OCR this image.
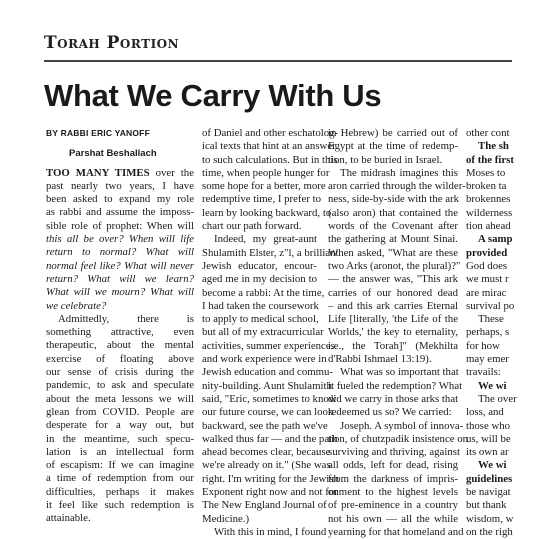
Torah Portion
What We Carry With Us

BY RABBI ERIC YANOFF

Parshat Beshallach

TOO MANY TIMES over the

past nearly two years, I have

been asked to expand my role

as rabbi and assume the imposs-

sible role of prophet: When will

this all be over? When will life

return to normal? What will

normal feel like? What will never

return? What will we learn?

What will we mourn? What will

we celebrate?

Admittedly, there is

something attractive, even

therapeutic, about the mental

exercise of floating above

our sense of crisis during the

pandemic, to ask and speculate

about the meta lessons we will

glean from COVID. People are

desperate for a way out, but

in the meantime, such specu-

lation is an intellectual form

of escapism: If we can imagine

a time of redemption from our

difficulties, perhaps it makes

it feel like such redemption is

attainable.

of Daniel and other eschatolog-

ical texts that hint at an answer

to such calculations. But in this

time, when people hunger for

some hope for a better, more

redemptive time, I prefer to

learn by looking backward, to

chart our path forward.

Indeed, my great-aunt

Shulamith Elster, z"l, a brilliant

Jewish educator, encour-

aged me in my decision to

become a rabbi: At the time,

I had taken the coursework

to apply to medical school,

but all of my extracurricular

activities, summer experiences

and work experience were in

Jewish education and commu-

nity-building. Aunt Shulamith

said, "Eric, sometimes to know

our future course, we can look

backward, see the path we've

walked thus far — and the path

ahead becomes clear, because

we're already on it." (She was

right. I'm writing for the Jewish

Exponent right now and not for

The New England Journal of

Medicine.)

With this in mind, I found

in Hebrew) be carried out of

Egypt at the time of redemp-

tion, to be buried in Israel.

The midrash imagines this

aron carried through the wilder-

ness, side-by-side with the ark

(also aron) that contained the

words of the Covenant after

the gathering at Mount Sinai.

When asked, "What are these

two Arks (aronot, the plural)?"

— the answer was, "This ark

carries of our honored dead

– and this ark carries Eternal

Life [literally, 'the Life of the

Worlds,' the key to eternality,

i.e., the Torah]" (Mekhilta

d'Rabbi Ishmael 13:19).

What was so important that

it fueled the redemption? What

did we carry in those arks that

redeemed us so? We carried:

Joseph. A symbol of innova-

tion, of chutzpadik insistence on

surviving and thriving, against

all odds, left for dead, rising

from the darkness of impris-

onment to the highest levels

of pre-eminence in a country

not his own — all the while

yearning for that homeland and

other cont

The sh

of the first

Moses to

broken ta

brokennes

wilderness

tion ahead

A samp

provided

God does

we must r

are mirac

survival po

These

perhaps, s

for how

may emer

travails:

We wi

The over

loss, and

those who

us, will be

its own ar

We wi

guidelines

be navigat

but thank

wisdom, w

on the righ
